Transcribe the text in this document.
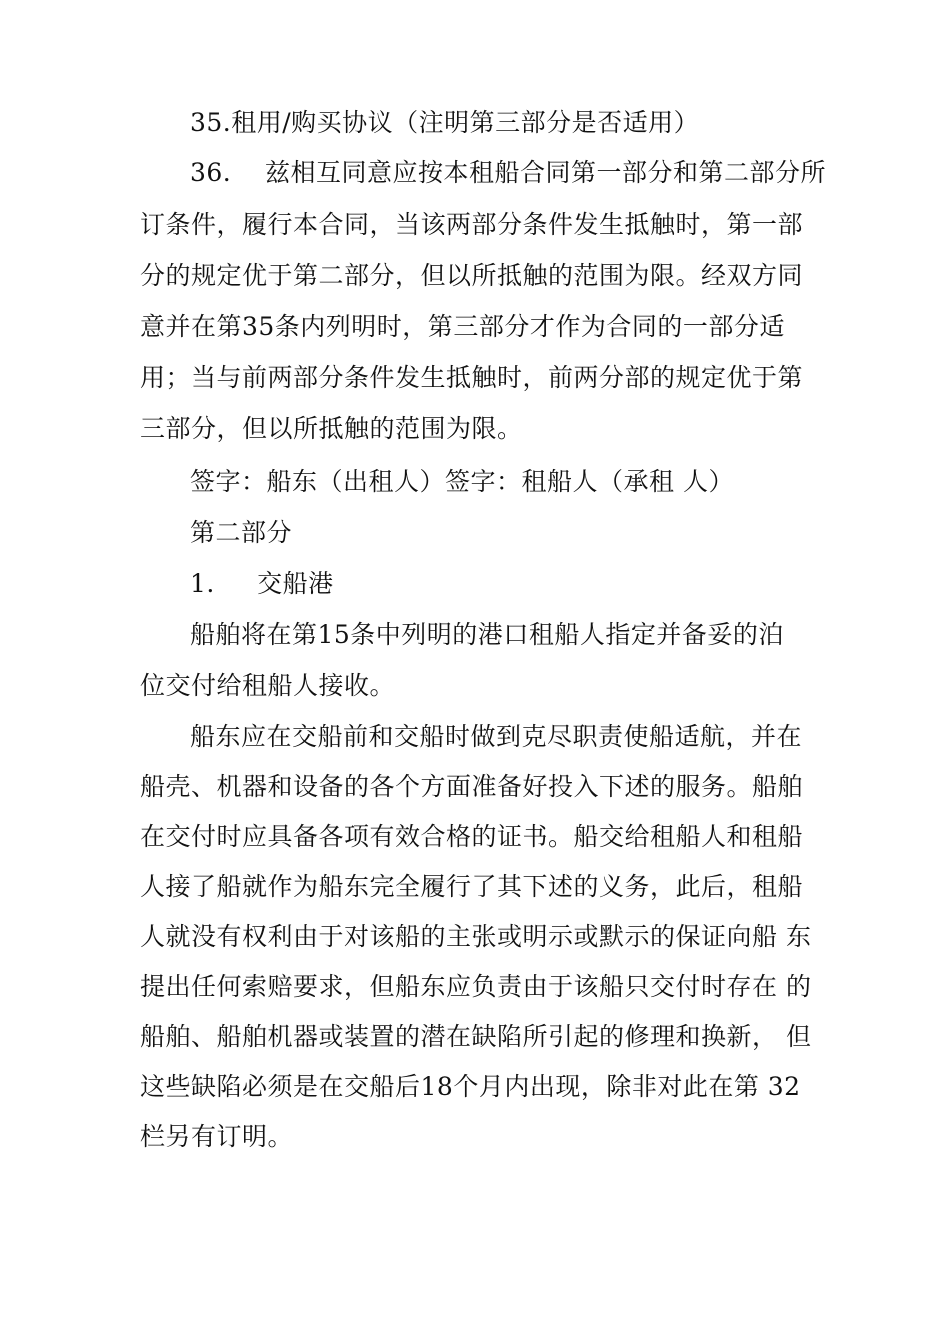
35.租用/购买协议（注明第三部分是否适用）
36.    兹相互同意应按本租船合同第一部分和第二部分所
订条件，履行本合同，当该两部分条件发生抵触时，第一部
分的规定优于第二部分，但以所抵触的范围为限。经双方同
意并在第35条内列明时，第三部分才作为合同的一部分适
用；当与前两部分条件发生抵触时，前两分部的规定优于第
三部分，但以所抵触的范围为限。
签字：船东（出租人）签字：租船人（承租 人）
第二部分
1.     交船港
船舶将在第15条中列明的港口租船人指定并备妥的泊
位交付给租船人接收。
船东应在交船前和交船时做到克尽职责使船适航，并在
船壳、机器和设备的各个方面准备好投入下述的服务。船舶
在交付时应具备各项有效合格的证书。船交给租船人和租船
人接了船就作为船东完全履行了其下述的义务，此后，租船
人就没有权利由于对该船的主张或明示或默示的保证向船 东
提出任何索赔要求，但船东应负责由于该船只交付时存在 的
船舶、船舶机器或装置的潜在缺陷所引起的修理和换新， 但
这些缺陷必须是在交船后18个月内出现，除非对此在第 32
栏另有订明。
